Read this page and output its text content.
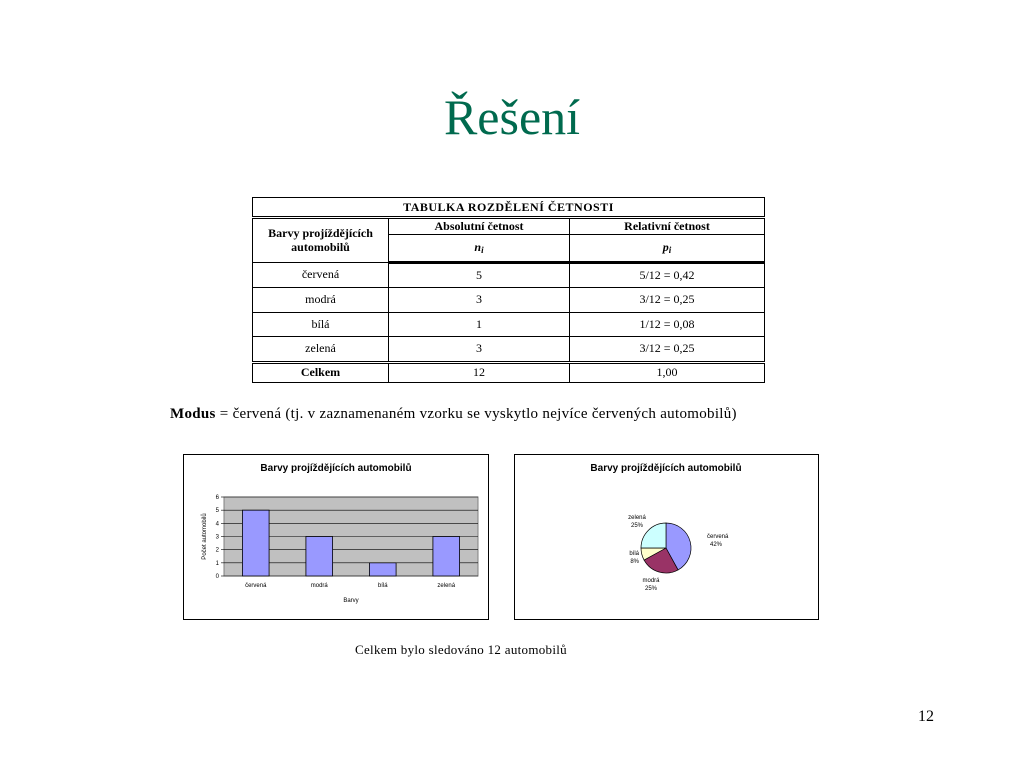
Řešení
TABULKA ROZDĚLENÍ ČETNOSTI		
Barvy projíždějících automobilů	Absolutní četnost	Relativní četnost
	$n_i$	$p_i$
červená	5	5/12 = 0,42
modrá	3	3/12 = 0,25
bílá	1	1/12 = 0,08
zelená	3	3/12 = 0,25
Celkem	12	1,00
Modus = červená (tj. v zaznamenaném vzorku se vyskytlo nejvíce červených automobilů)
Barvy projíždějících automobilů
0
1
2
3
4
5
6
červená	modrá	bílá	zelená
Barvy
Počet automobilů
Barvy projíždějících automobilů
červená
42%
modrá
25%
bílá
8%
zelená
25%
Celkem bylo sledováno 12 automobilů
12
